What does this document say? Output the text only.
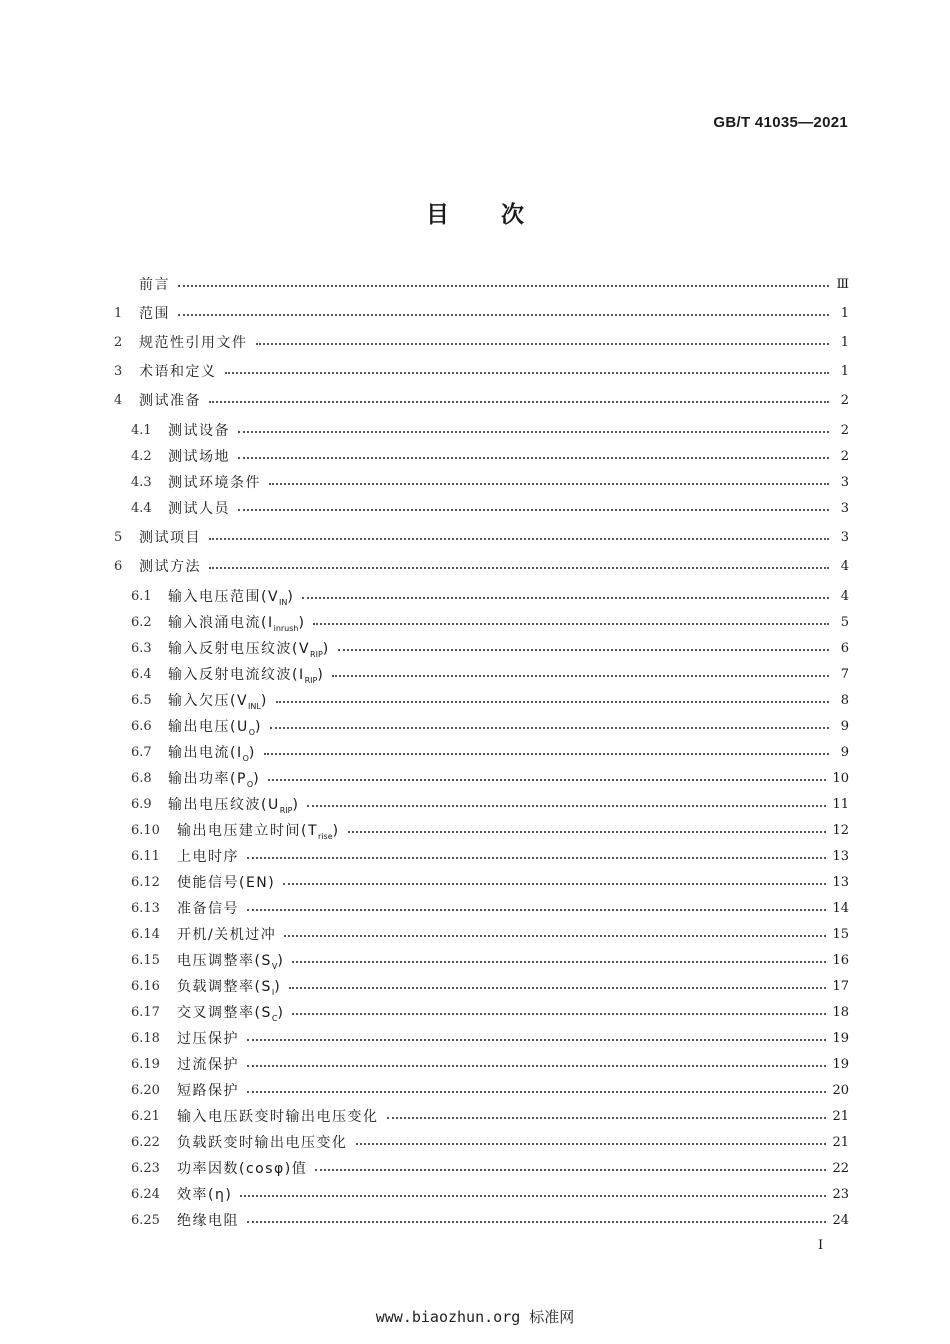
GB/T 41035—2021
目 次
前言	Ⅲ
1	范围	1
2	规范性引用文件	1
3	术语和定义	1
4	测试准备	2
4.1	测试设备	2
4.2	测试场地	2
4.3	测试环境条件	3
4.4	测试人员	3
5	测试项目	3
6	测试方法	4
6.1	输入电压范围$(V_{IN})$	4
6.2	输入浪涌电流$(I_{inrush})$	5
6.3	输入反射电压纹波$(V_{RIP})$	6
6.4	输入反射电流纹波$(I_{RIP})$	7
6.5	输入欠压$(V_{INL})$	8
6.6	输出电压$(U_O)$	9
6.7	输出电流$(I_O)$	9
6.8	输出功率$(P_O)$	10
6.9	输出电压纹波$(U_{RIP})$	11
6.10	输出电压建立时间$(T_{rise})$	12
6.11	上电时序	13
6.12	使能信号(EN)	13
6.13	准备信号	14
6.14	开机/关机过冲	15
6.15	电压调整率$(S_V)$	16
6.16	负载调整率$(S_I)$	17
6.17	交叉调整率$(S_C)$	18
6.18	过压保护	19
6.19	过流保护	19
6.20	短路保护	20
6.21	输入电压跃变时输出电压变化	21
6.22	负载跃变时输出电压变化	21
6.23	功率因数(cosφ)值	22
6.24	效率(η)	23
6.25	绝缘电阻	24
I
www.biaozhun.org 标准网
